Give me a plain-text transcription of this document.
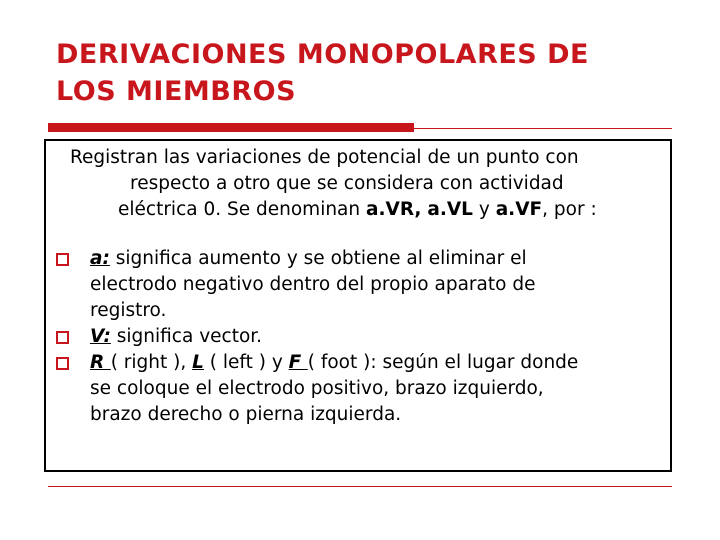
DERIVACIONES MONOPOLARES DE
LOS MIEMBROS

Registran las variaciones de potencial de un punto con
respecto a otro que se considera con actividad
eléctrica 0. Se denominan a.VR, a.VL y a.VF, por :

a: significa aumento y se obtiene al eliminar el
electrodo negativo dentro del propio aparato de
registro.
V: significa vector.
R ( right ), L ( left ) y F ( foot ): según el lugar donde
se coloque el electrodo positivo, brazo izquierdo,
brazo derecho o pierna izquierda.
